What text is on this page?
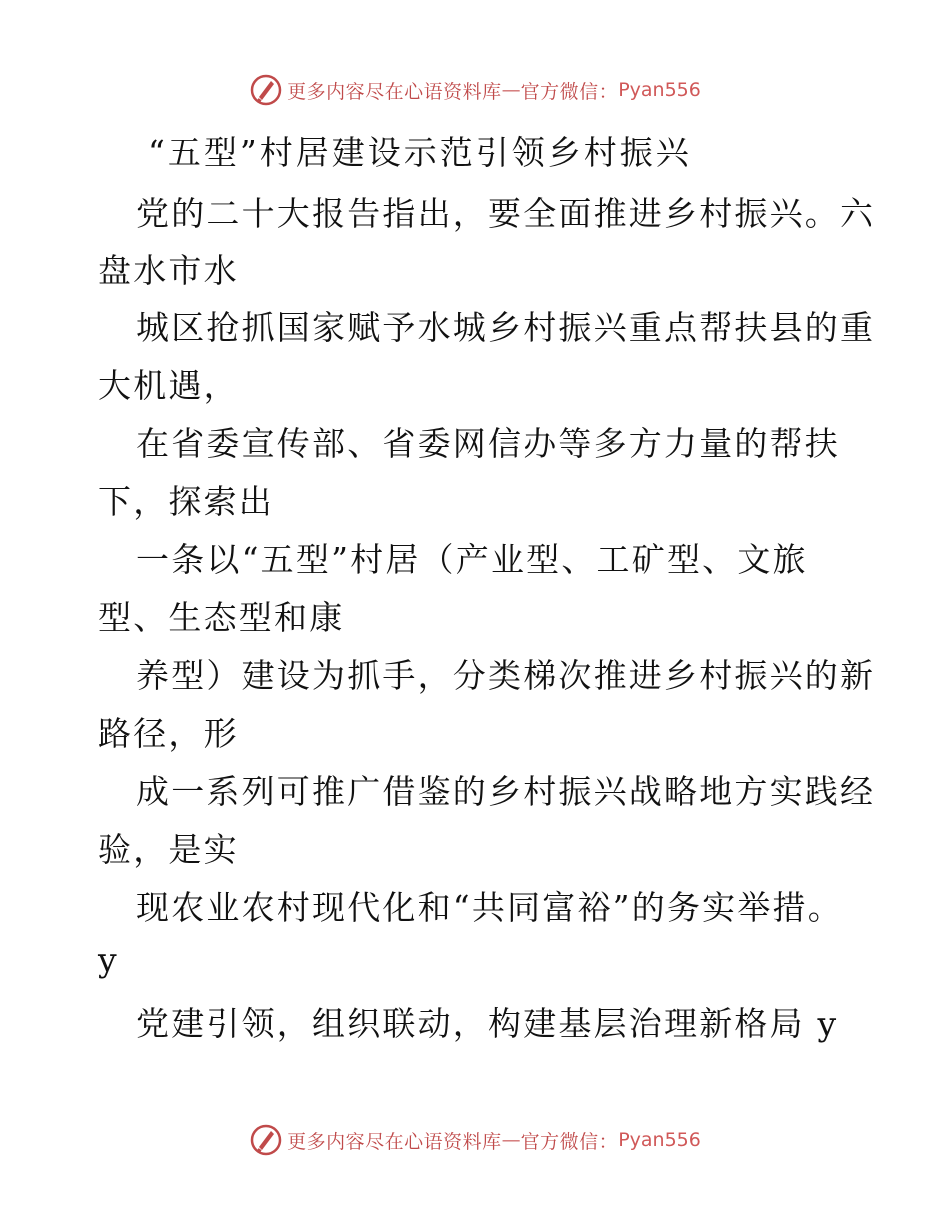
更多内容尽在心语资料库 — 官方微信： Pyan556
“五型”村居建设示范引领乡村振兴
党的二十大报告指出，要全面推进乡村振兴。六
盘水市水
城区抢抓国家赋予水城乡村振兴重点帮扶县的重
大机遇，
在省委宣传部、省委网信办等多方力量的帮扶
下，探索出
一条以“五型”村居（产业型、工矿型、文旅
型、生态型和康
养型）建设为抓手，分类梯次推进乡村振兴的新
路径，形
成一系列可推广借鉴的乡村振兴战略地方实践经
验，是实
现农业农村现代化和“共同富裕”的务实举措。
y
党建引领，组织联动，构建基层治理新格局 y
更多内容尽在心语资料库 — 官方微信： Pyan556
